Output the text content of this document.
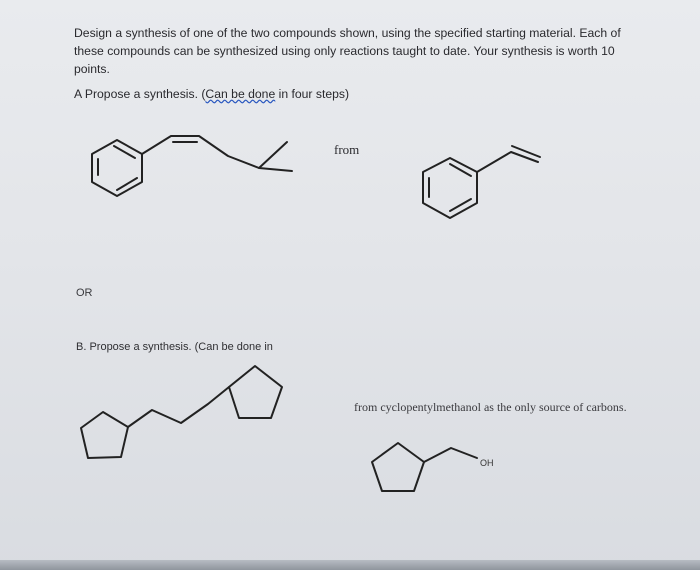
Design a synthesis of one of the two compounds shown, using the specified starting material. Each of these compounds can be synthesized using only reactions taught to date. Your synthesis is worth 10 points.
A Propose a synthesis. (Can be done in four steps)
from
OR
B. Propose a synthesis. (Can be done in
from cyclopentylmethanol as the only source of carbons.
OH
